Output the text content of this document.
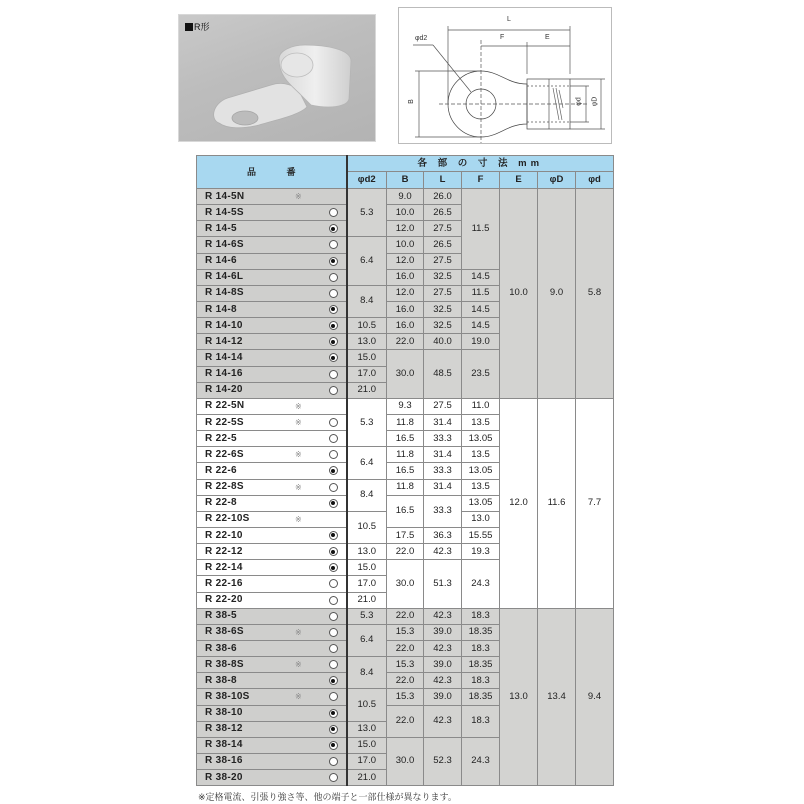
R形
L
F	E
φd2
B	φd φD
品 番	各 部 の 寸 法 mm						
	φd2	B	L	F	E	φD	φd
R 14-5N ※	5.3	9.0	26.0	11.5	10.0	9.0	5.8
R 14-5S		10.0	26.5				
R 14-5		12.0	27.5				
R 14-6S	6.4	10.0	26.5				
R 14-6		12.0	27.5				
R 14-6L		16.0	32.5	14.5			
R 14-8S	8.4	12.0	27.5	11.5			
R 14-8		16.0	32.5	14.5			
R 14-10	10.5	16.0	32.5	14.5			
R 14-12	13.0	22.0	40.0	19.0			
R 14-14	15.0	30.0	48.5	23.5			
R 14-16	17.0						
R 14-20	21.0						
R 22-5N ※	5.3	9.3	27.5	11.0	12.0	11.6	7.7
R 22-5S ※		11.8	31.4	13.5			
R 22-5		16.5	33.3	13.05			
R 22-6S ※	6.4	11.8	31.4	13.5			
R 22-6		16.5	33.3	13.05			
R 22-8S ※	8.4	11.8	31.4	13.5			
R 22-8		16.5	33.3	13.05			
R 22-10S ※	10.5			13.0			
R 22-10		17.5	36.3	15.55			
R 22-12	13.0	22.0	42.3	19.3			
R 22-14	15.0	30.0	51.3	24.3			
R 22-16	17.0						
R 22-20	21.0						
R 38-5	5.3	22.0	42.3	18.3	13.0	13.4	9.4
R 38-6S ※	6.4	15.3	39.0	18.35			
R 38-6		22.0	42.3	18.3			
R 38-8S ※	8.4	15.3	39.0	18.35			
R 38-8		22.0	42.3	18.3			
R 38-10S ※	10.5	15.3	39.0	18.35			
R 38-10		22.0	42.3	18.3			
R 38-12	13.0						
R 38-14	15.0	30.0	52.3	24.3			
R 38-16	17.0						
R 38-20	21.0						
※定格電流、引張り強さ等、他の端子と一部仕様が異なります。
